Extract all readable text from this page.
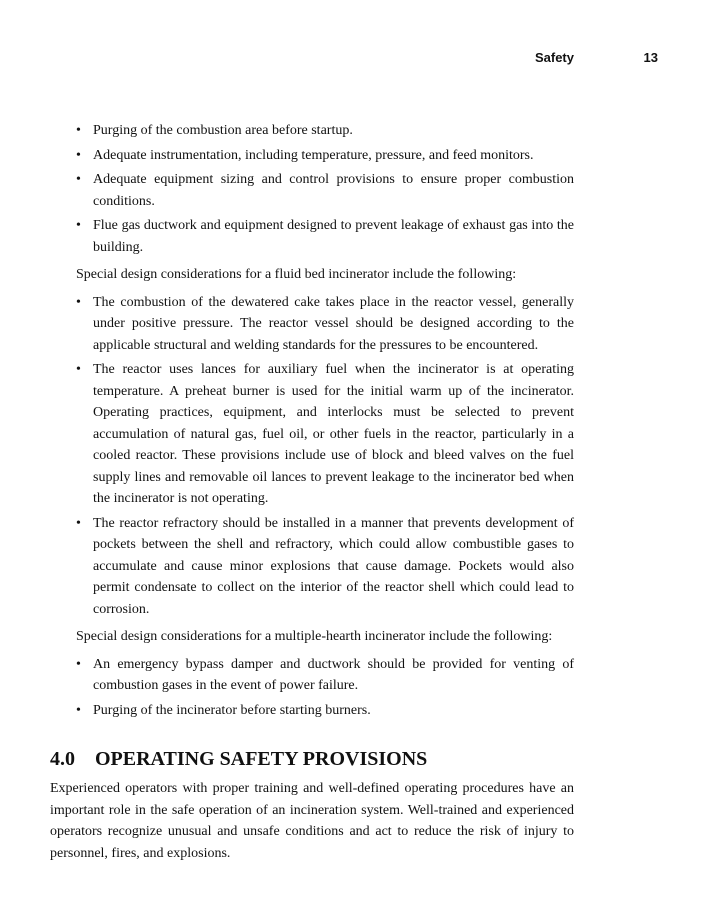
Safety	13
• Purging of the combustion area before startup.
• Adequate instrumentation, including temperature, pressure, and feed monitors.
• Adequate equipment sizing and control provisions to ensure proper combustion conditions.
• Flue gas ductwork and equipment designed to prevent leakage of exhaust gas into the building.

Special design considerations for a fluid bed incinerator include the following:

• The combustion of the dewatered cake takes place in the reactor vessel, generally under positive pressure. The reactor vessel should be designed according to the applicable structural and welding standards for the pressures to be encountered.
• The reactor uses lances for auxiliary fuel when the incinerator is at operating temperature. A preheat burner is used for the initial warm up of the incinerator. Operating practices, equipment, and interlocks must be selected to prevent accumulation of natural gas, fuel oil, or other fuels in the reactor, particularly in a cooled reactor. These provisions include use of block and bleed valves on the fuel supply lines and removable oil lances to prevent leakage to the incinerator bed when the incinerator is not operating.
• The reactor refractory should be installed in a manner that prevents development of pockets between the shell and refractory, which could allow combustible gases to accumulate and cause minor explosions that cause damage. Pockets would also permit condensate to collect on the interior of the reactor shell which could lead to corrosion.

Special design considerations for a multiple-hearth incinerator include the following:

• An emergency bypass damper and ductwork should be provided for venting of combustion gases in the event of power failure.
• Purging of the incinerator before starting burners.
4.0 OPERATING SAFETY PROVISIONS

Experienced operators with proper training and well-defined operating procedures have an important role in the safe operation of an incineration system. Well-trained and experienced operators recognize unusual and unsafe conditions and act to reduce the risk of injury to personnel, fires, and explosions.
